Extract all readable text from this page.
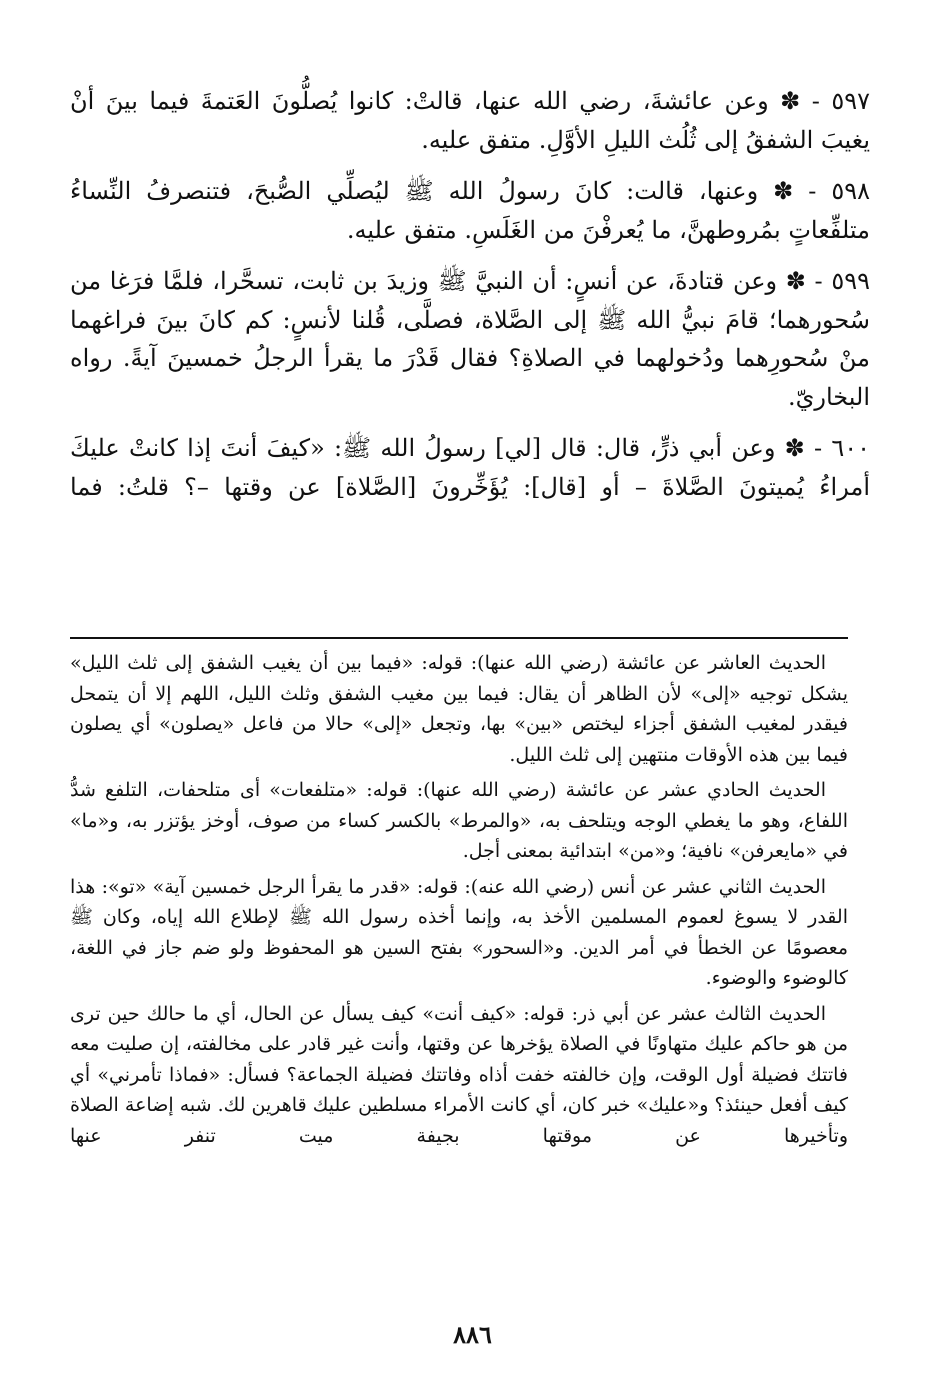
٥٩٧ - ✽ وعن عائشةَ، رضي الله عنها، قالتْ: كانوا يُصلُّونَ العَتمةَ فيما بينَ أنْ يغيبَ الشفقُ إلى ثُلُث الليلِ الأوَّلِ. متفق عليه.

٥٩٨ - ✽ وعنها، قالت: كانَ رسولُ الله ﷺ ليُصلِّي الصُّبحَ، فتنصرفُ النِّساءُ متلفِّعاتٍ بمُروطهنَّ، ما يُعرفْنَ من الغَلَسِ. متفق عليه.

٥٩٩ - ✽ وعن قتادةَ، عن أنسٍ: أن النبيَّ ﷺ وزيدَ بن ثابت، تسحَّرا، فلمَّا فرَغا من سُحورهما؛ قامَ نبيُّ الله ﷺ إلى الصَّلاة، فصلَّى، قُلنا لأنسٍ: كم كانَ بينَ فراغهما منْ سُحورِهما ودُخولهما في الصلاةِ؟ فقال قَدْرَ ما يقرأ الرجلُ خمسينَ آيةً. رواه البخاريّ.

٦٠٠ - ✽ وعن أبي ذرٍّ، قال: قال [لي] رسولُ الله ﷺ: «كيفَ أنتَ إذا كانتْ عليكَ أمراءُ يُميتونَ الصَّلاةَ – أو [قال]: يُؤَخِّرونَ [الصَّلاة] عن وقتها –؟ قلتُ: فما

الحديث العاشر عن عائشة (رضي الله عنها): قوله: «فيما بين أن يغيب الشفق إلى ثلث الليل» يشكل توجيه «إلى» لأن الظاهر أن يقال: فيما بين مغيب الشفق وثلث الليل، اللهم إلا أن يتمحل فيقدر لمغيب الشفق أجزاء ليختص «بين» بها، وتجعل «إلى» حالا من فاعل «يصلون» أي يصلون فيما بين هذه الأوقات منتهين إلى ثلث الليل.

الحديث الحادي عشر عن عائشة (رضي الله عنها): قوله: «متلفعات» أى متلحفات، التلفع شدُّ اللفاع، وهو ما يغطي الوجه ويتلحف به، «والمرط» بالكسر كساء من صوف، أوخز يؤتزر به، و«ما» في «مايعرفن» نافية؛ و«من» ابتدائية بمعنى أجل.

الحديث الثاني عشر عن أنس (رضي الله عنه): قوله: «قدر ما يقرأ الرجل خمسين آية» «تو»: هذا القدر لا يسوغ لعموم المسلمين الأخذ به، وإنما أخذه رسول الله ﷺ لإطلاع الله إياه، وكان ﷺ معصومًا عن الخطأ في أمر الدين. و«السحور» بفتح السين هو المحفوظ ولو ضم جاز في اللغة، كالوضوء والوضوء.

الحديث الثالث عشر عن أبي ذر: قوله: «كيف أنت» كيف يسأل عن الحال، أي ما حالك حين ترى من هو حاكم عليك متهاونًا في الصلاة يؤخرها عن وقتها، وأنت غير قادر على مخالفته، إن صليت معه فاتتك فضيلة أول الوقت، وإن خالفته خفت أذاه وفاتتك فضيلة الجماعة؟ فسأل: «فماذا تأمرني» أي كيف أفعل حينئذ؟ و«عليك» خبر كان، أي كانت الأمراء مسلطين عليك قاهرين لك. شبه إضاعة الصلاة وتأخيرها عن موقتها بجيفة ميت تنفر عنها

٨٨٦
